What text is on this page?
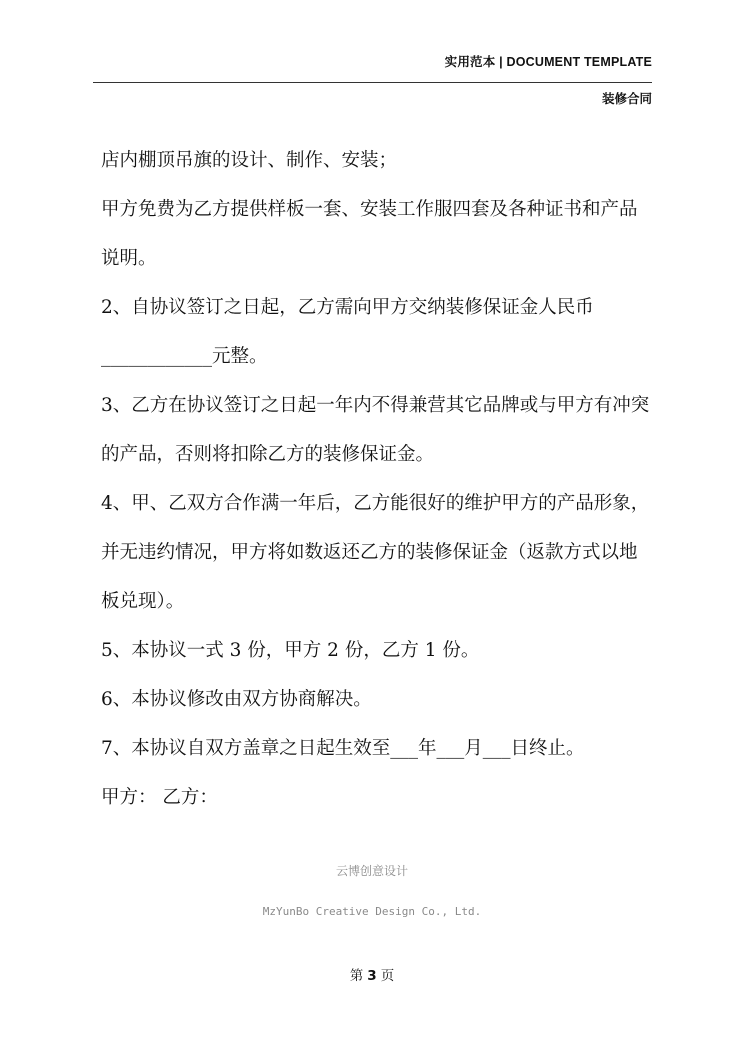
实用范本 | DOCUMENT TEMPLATE
装修合同
店内棚顶吊旗的设计、制作、安装；
甲方免费为乙方提供样板一套、安装工作服四套及各种证书和产品
说明。
2、自协议签订之日起，乙方需向甲方交纳装修保证金人民币
____________元整。
3、乙方在协议签订之日起一年内不得兼营其它品牌或与甲方有冲突
的产品，否则将扣除乙方的装修保证金。
4、甲、乙双方合作满一年后，乙方能很好的维护甲方的产品形象，
并无违约情况，甲方将如数返还乙方的装修保证金（返款方式以地
板兑现）。
5、本协议一式 3 份，甲方 2 份，乙方 1 份。
6、本协议修改由双方协商解决。
7、本协议自双方盖章之日起生效至___年___月___日终止。
甲方： 乙方：
云博创意设计
MzYunBo Creative Design Co., Ltd.
第 3 页
